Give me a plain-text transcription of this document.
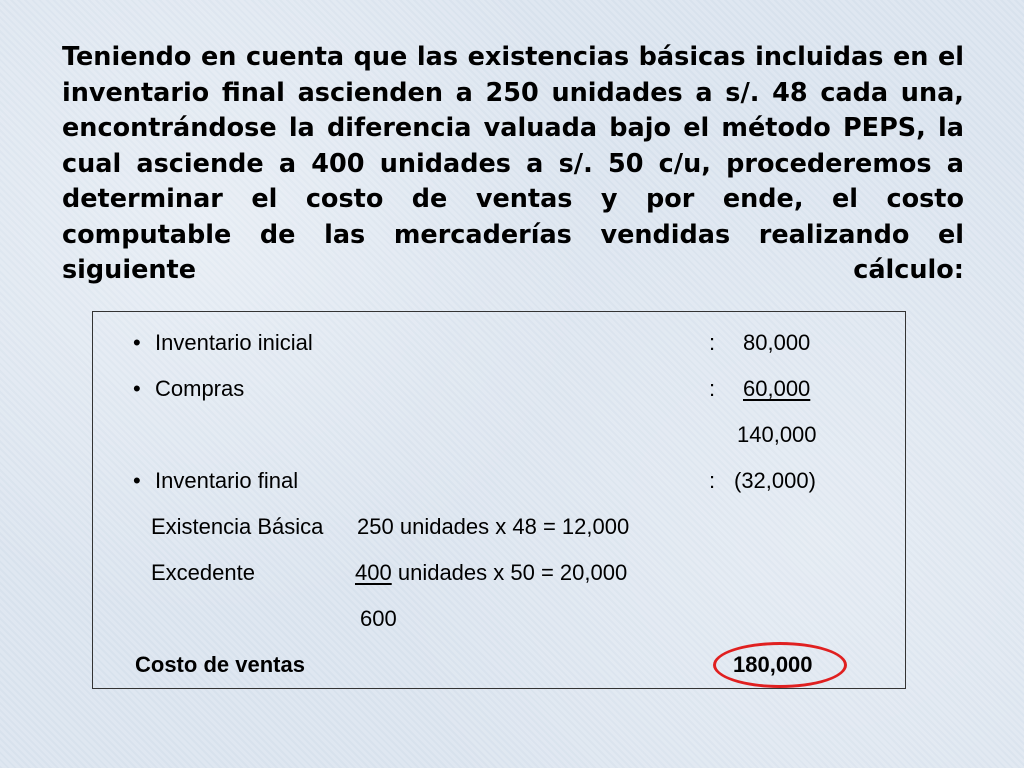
Teniendo en cuenta que las existencias básicas incluidas en el inventario final ascienden a 250 unidades a s/. 48 cada una, encontrándose la diferencia valuada bajo el método PEPS, la cual asciende a 400 unidades a s/. 50 c/u, procederemos a determinar el costo de ventas y por ende, el costo computable de las mercaderías vendidas realizando el siguiente cálculo:

• Inventario inicial	: 80,000
• Compras	: 60,000
140,000
• Inventario final	: (32,000)
Existencia Básica 250 unidades x 48 = 12,000
Excedente	400 unidades x 50 = 20,000
600
Costo de ventas	180,000
